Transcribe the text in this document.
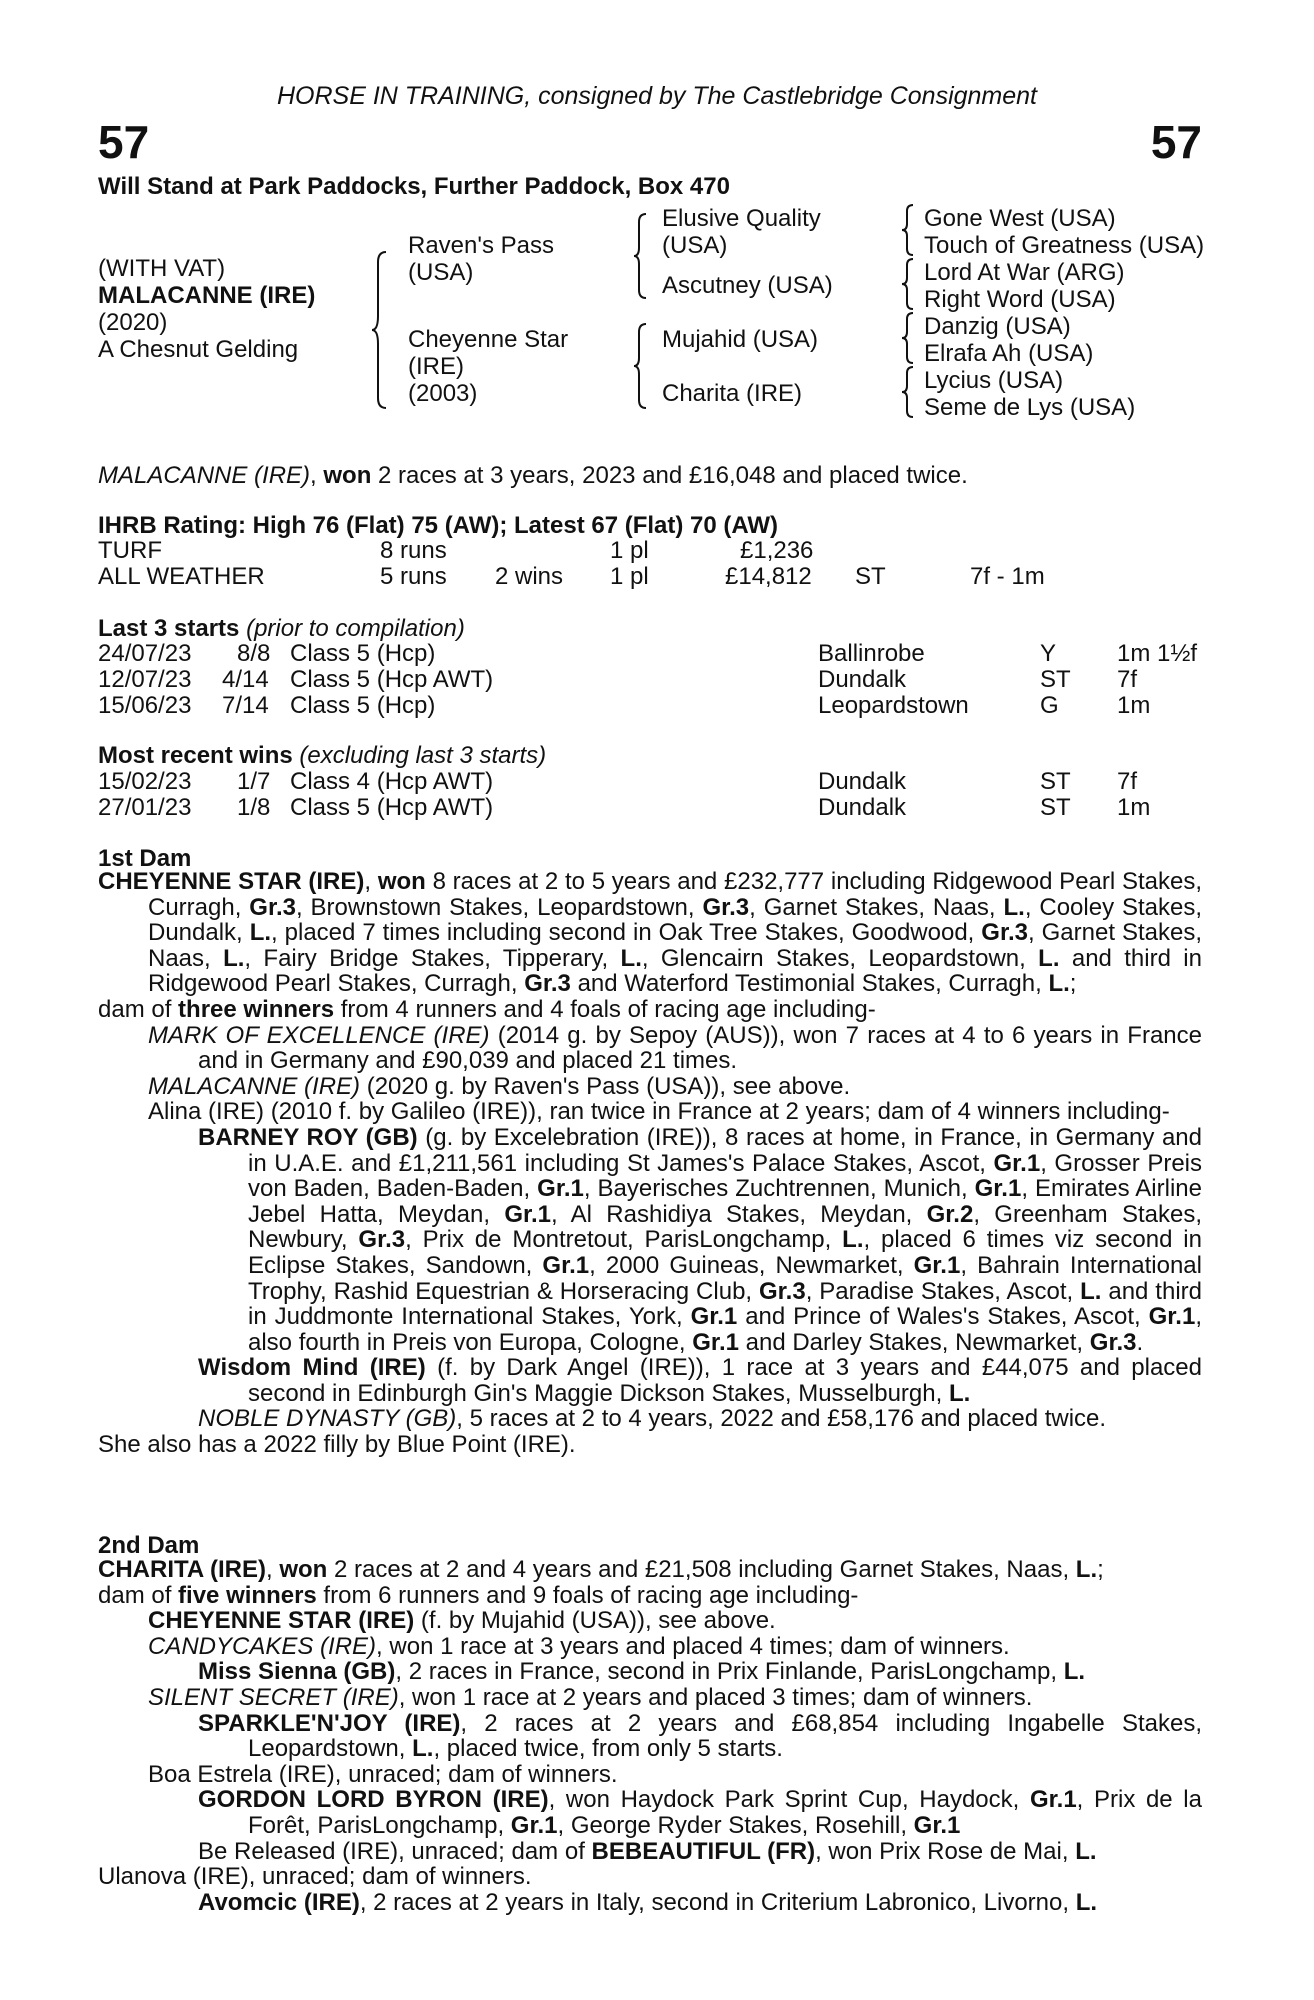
HORSE IN TRAINING, consigned by The Castlebridge Consignment
57	57
Will Stand at Park Paddocks, Further Paddock, Box 470
(WITH VAT)
MALACANNE (IRE)
(2020)
A Chesnut Gelding
Raven's Pass
(USA)
Cheyenne Star
(IRE)
(2003)
Elusive Quality
(USA)
Ascutney (USA)
Mujahid (USA)
Charita (IRE)
Gone West (USA)
Touch of Greatness (USA)
Lord At War (ARG)
Right Word (USA)
Danzig (USA)
Elrafa Ah (USA)
Lycius (USA)
Seme de Lys (USA)
MALACANNE (IRE), won 2 races at 3 years, 2023 and £16,048 and placed twice.
IHRB Rating: High 76 (Flat) 75 (AW); Latest 67 (Flat) 70 (AW)
TURF	8 runs	1 pl	£1,236
ALL WEATHER	5 runs 2 wins 1 pl	£14,812 ST	7f - 1m
Last 3 starts (prior to compilation)
24/07/23 8/8 Class 5 (Hcp)	Ballinrobe	Y	1m 1½f
12/07/23 4/14 Class 5 (Hcp AWT)	Dundalk	ST 7f
15/06/23 7/14 Class 5 (Hcp)	Leopardstown	G 1m
Most recent wins (excluding last 3 starts)
15/02/23 1/7 Class 4 (Hcp AWT)	Dundalk	ST 7f
27/01/23 1/8 Class 5 (Hcp AWT)	Dundalk	ST 1m
1st Dam
CHEYENNE STAR (IRE), won 8 races at 2 to 5 years and £232,777 including Ridgewood Pearl Stakes, Curragh, Gr.3, Brownstown Stakes, Leopardstown, Gr.3, Garnet Stakes, Naas, L., Cooley Stakes, Dundalk, L., placed 7 times including second in Oak Tree Stakes, Goodwood, Gr.3, Garnet Stakes, Naas, L., Fairy Bridge Stakes, Tipperary, L., Glencairn Stakes, Leopardstown, L. and third in Ridgewood Pearl Stakes, Curragh, Gr.3 and Waterford Testimonial Stakes, Curragh, L.;
dam of three winners from 4 runners and 4 foals of racing age including-
MARK OF EXCELLENCE (IRE) (2014 g. by Sepoy (AUS)), won 7 races at 4 to 6 years in France and in Germany and £90,039 and placed 21 times.
MALACANNE (IRE) (2020 g. by Raven's Pass (USA)), see above.
Alina (IRE) (2010 f. by Galileo (IRE)), ran twice in France at 2 years; dam of 4 winners including-
BARNEY ROY (GB) (g. by Excelebration (IRE)), 8 races at home, in France, in Germany and in U.A.E. and £1,211,561 including St James's Palace Stakes, Ascot, Gr.1, Grosser Preis von Baden, Baden-Baden, Gr.1, Bayerisches Zuchtrennen, Munich, Gr.1, Emirates Airline Jebel Hatta, Meydan, Gr.1, Al Rashidiya Stakes, Meydan, Gr.2, Greenham Stakes, Newbury, Gr.3, Prix de Montretout, ParisLongchamp, L., placed 6 times viz second in Eclipse Stakes, Sandown, Gr.1, 2000 Guineas, Newmarket, Gr.1, Bahrain International Trophy, Rashid Equestrian & Horseracing Club, Gr.3, Paradise Stakes, Ascot, L. and third in Juddmonte International Stakes, York, Gr.1 and Prince of Wales's Stakes, Ascot, Gr.1, also fourth in Preis von Europa, Cologne, Gr.1 and Darley Stakes, Newmarket, Gr.3.
Wisdom Mind (IRE) (f. by Dark Angel (IRE)), 1 race at 3 years and £44,075 and placed second in Edinburgh Gin's Maggie Dickson Stakes, Musselburgh, L.
NOBLE DYNASTY (GB), 5 races at 2 to 4 years, 2022 and £58,176 and placed twice.
She also has a 2022 filly by Blue Point (IRE).
2nd Dam
CHARITA (IRE), won 2 races at 2 and 4 years and £21,508 including Garnet Stakes, Naas, L.;
dam of five winners from 6 runners and 9 foals of racing age including-
CHEYENNE STAR (IRE) (f. by Mujahid (USA)), see above.
CANDYCAKES (IRE), won 1 race at 3 years and placed 4 times; dam of winners.
Miss Sienna (GB), 2 races in France, second in Prix Finlande, ParisLongchamp, L.
SILENT SECRET (IRE), won 1 race at 2 years and placed 3 times; dam of winners.
SPARKLE'N'JOY (IRE), 2 races at 2 years and £68,854 including Ingabelle Stakes, Leopardstown, L., placed twice, from only 5 starts.
Boa Estrela (IRE), unraced; dam of winners.
GORDON LORD BYRON (IRE), won Haydock Park Sprint Cup, Haydock, Gr.1, Prix de la Forêt, ParisLongchamp, Gr.1, George Ryder Stakes, Rosehill, Gr.1
Be Released (IRE), unraced; dam of BEBEAUTIFUL (FR), won Prix Rose de Mai, L.
Ulanova (IRE), unraced; dam of winners.
Avomcic (IRE), 2 races at 2 years in Italy, second in Criterium Labronico, Livorno, L.
